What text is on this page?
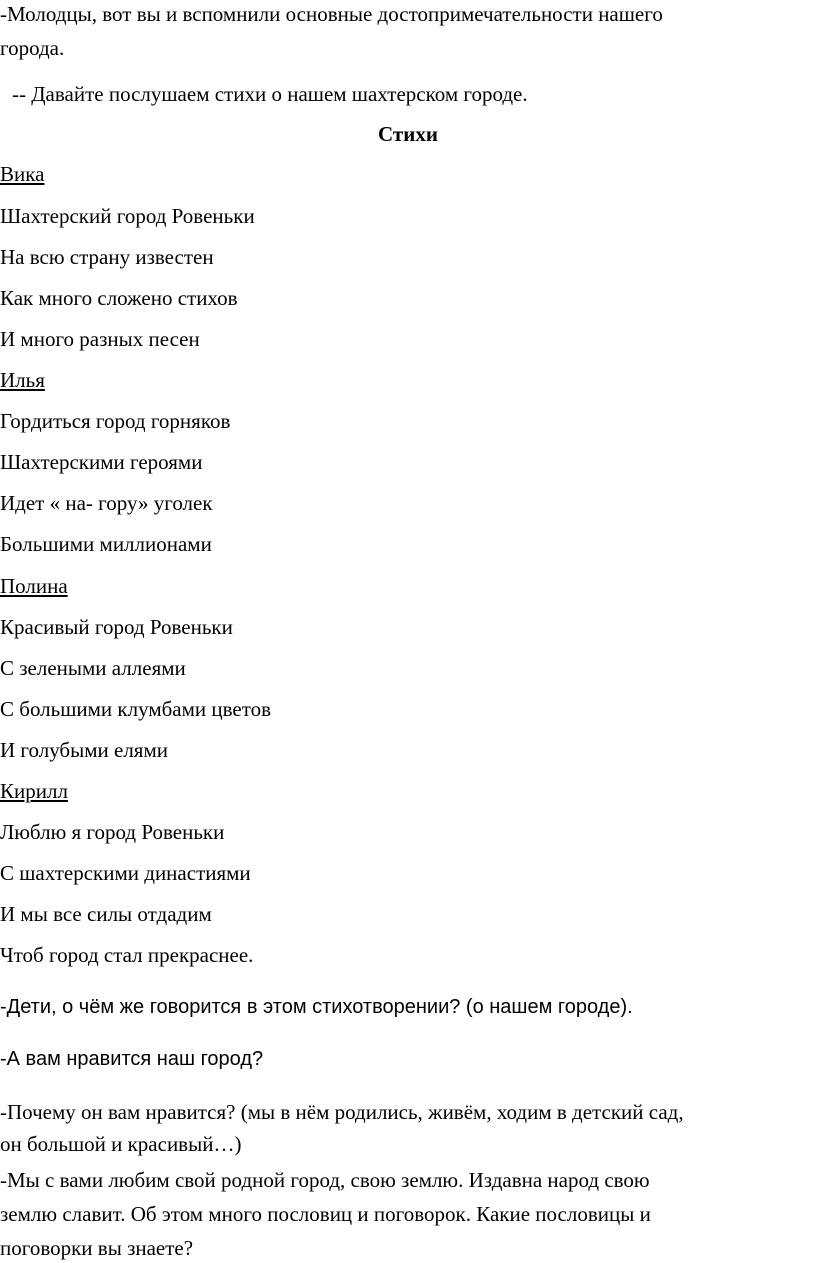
-Молодцы, вот вы и вспомнили основные достопримечательности нашего
города.
-- Давайте послушаем стихи о нашем шахтерском городе.
Стихи
Вика
Шахтерский город Ровеньки
На всю страну известен
Как много сложено стихов
И много разных песен
Илья
Гордиться город горняков
Шахтерскими героями
Идет « на- гору» уголек
Большими миллионами
Полина
Красивый город Ровеньки
С зелеными аллеями
С большими клумбами цветов
И голубыми елями
Кирилл
Люблю я город Ровеньки
С шахтерскими династиями
И мы все силы отдадим
Чтоб город стал прекраснее.
-Дети, о чём же говорится в этом стихотворении? (о нашем городе).
-А вам нравится наш город?
-Почему он вам нравится? (мы в нём родились, живём, ходим в детский сад,
он большой и красивый…)
-Мы с вами любим свой родной город, свою землю. Издавна народ свою
землю славит. Об этом много пословиц и поговорок. Какие пословицы и
поговорки вы знаете?
